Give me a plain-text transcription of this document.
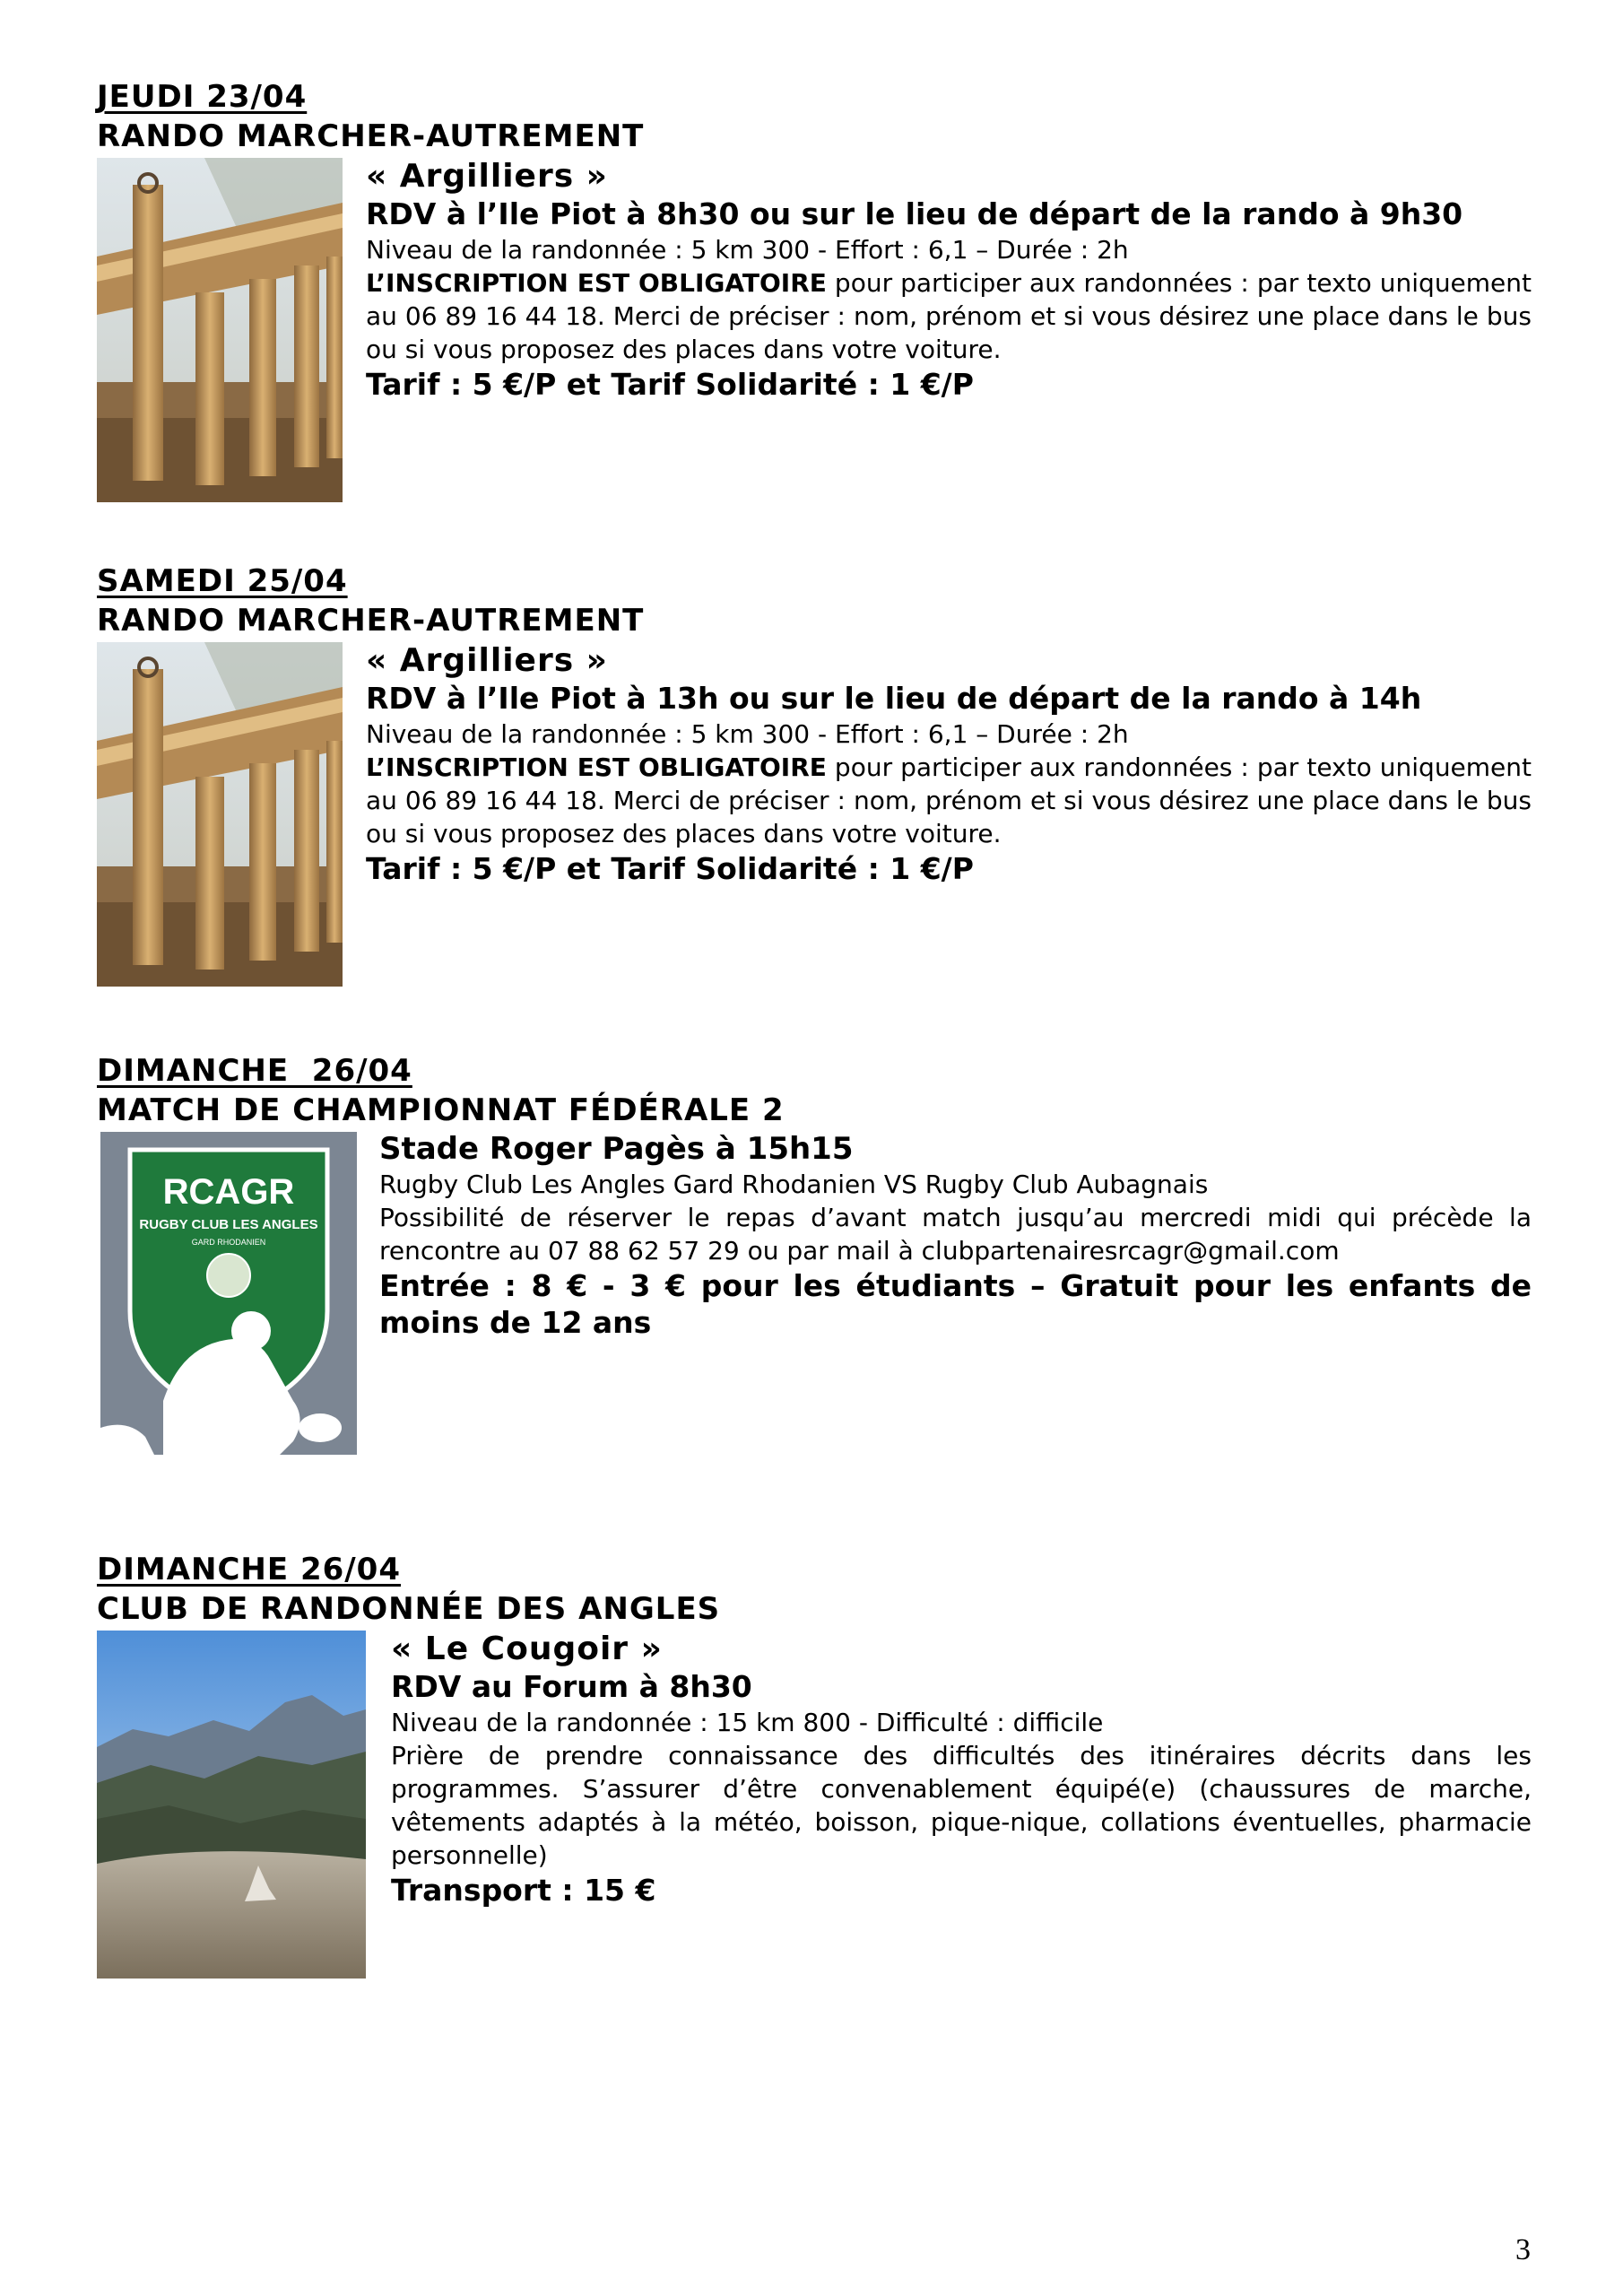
JEUDI 23/04
RANDO MARCHER-AUTREMENT
« Argilliers »
RDV à l’Ile Piot à 8h30 ou sur le lieu de départ de la rando à 9h30
Niveau de la randonnée : 5 km 300 - Effort : 6,1 – Durée : 2h
L’INSCRIPTION EST OBLIGATOIRE pour participer aux randonnées : par texto uniquement au 06 89 16 44 18. Merci de préciser : nom, prénom et si vous désirez une place dans le bus ou si vous proposez des places dans votre voiture.
Tarif : 5 €/P et Tarif Solidarité : 1 €/P
SAMEDI 25/04
RANDO MARCHER-AUTREMENT
« Argilliers »
RDV à l’Ile Piot à 13h ou sur le lieu de départ de la rando à 14h
Niveau de la randonnée : 5 km 300 - Effort : 6,1 – Durée : 2h
L’INSCRIPTION EST OBLIGATOIRE pour participer aux randonnées : par texto uniquement au 06 89 16 44 18. Merci de préciser : nom, prénom et si vous désirez une place dans le bus ou si vous proposez des places dans votre voiture.
Tarif : 5 €/P et Tarif Solidarité : 1 €/P
DIMANCHE  26/04
MATCH DE CHAMPIONNAT FÉDÉRALE 2
RCAGR
RUGBY CLUB LES ANGLES
GARD RHODANIEN
Stade Roger Pagès à 15h15
Rugby Club Les Angles Gard Rhodanien VS Rugby Club Aubagnais
Possibilité de réserver le repas d’avant match jusqu’au mercredi midi qui précède la rencontre au 07 88 62 57 29 ou par mail à clubpartenairesrcagr@gmail.com
Entrée : 8 € - 3 € pour les étudiants – Gratuit pour les enfants de moins de 12 ans
DIMANCHE 26/04
CLUB DE RANDONNÉE DES ANGLES
« Le Cougoir »
RDV au Forum à 8h30
Niveau de la randonnée : 15 km 800 - Difficulté : difficile
Prière de prendre connaissance des difficultés des itinéraires décrits dans les programmes. S’assurer d’être convenablement équipé(e) (chaussures de marche, vêtements adaptés à la météo, boisson, pique-nique, collations éventuelles, pharmacie personnelle)
Transport : 15 €
3
